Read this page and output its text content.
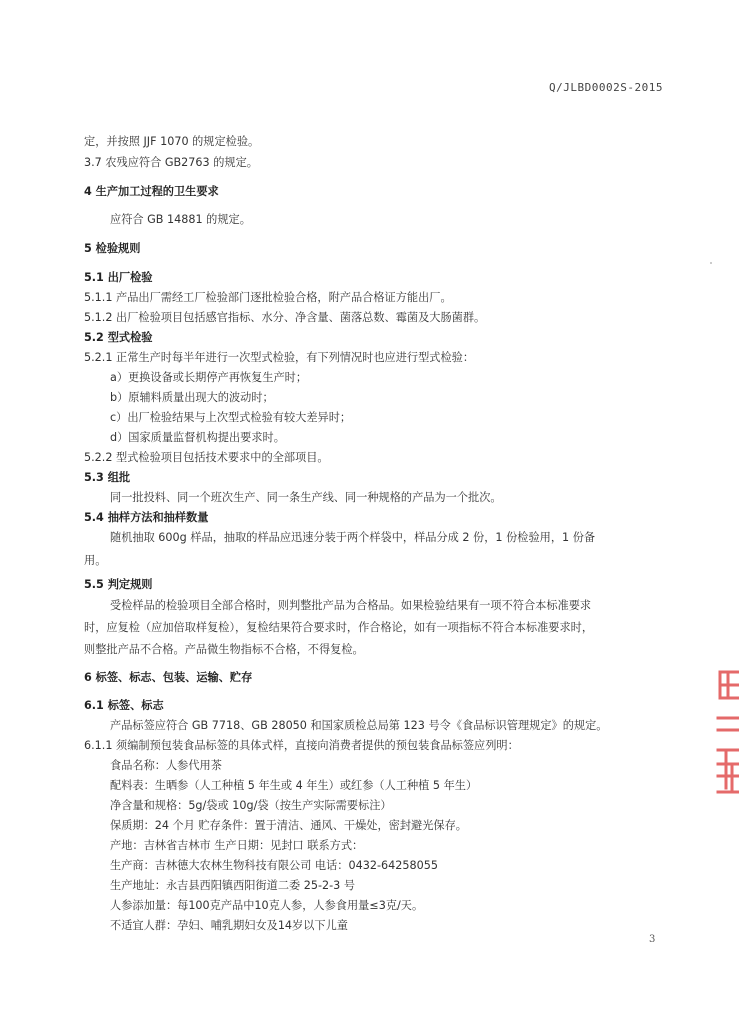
Q/JLBD0002S-2015
定，并按照 JJF 1070 的规定检验。
3.7 农残应符合 GB2763 的规定。
4 生产加工过程的卫生要求
应符合 GB 14881 的规定。
5 检验规则
5.1 出厂检验
5.1.1 产品出厂需经工厂检验部门逐批检验合格，附产品合格证方能出厂。
5.1.2 出厂检验项目包括感官指标、水分、净含量、菌落总数、霉菌及大肠菌群。
5.2 型式检验
5.2.1 正常生产时每半年进行一次型式检验，有下列情况时也应进行型式检验：
a）更换设备或长期停产再恢复生产时；
b）原辅料质量出现大的波动时；
c）出厂检验结果与上次型式检验有较大差异时；
d）国家质量监督机构提出要求时。
5.2.2 型式检验项目包括技术要求中的全部项目。
5.3 组批
同一批投料、同一个班次生产、同一条生产线、同一种规格的产品为一个批次。
5.4 抽样方法和抽样数量
随机抽取 600g 样品，抽取的样品应迅速分装于两个样袋中，样品分成 2 份，1 份检验用，1 份备
用。
5.5 判定规则
受检样品的检验项目全部合格时，则判整批产品为合格品。如果检验结果有一项不符合本标准要求
时，应复检（应加倍取样复检），复检结果符合要求时，作合格论，如有一项指标不符合本标准要求时，
则整批产品不合格。产品微生物指标不合格，不得复检。
6 标签、标志、包装、运输、贮存
6.1 标签、标志
产品标签应符合 GB 7718、GB 28050 和国家质检总局第 123 号令《食品标识管理规定》的规定。
6.1.1 须编制预包装食品标签的具体式样，直接向消费者提供的预包装食品标签应列明：
食品名称：人参代用茶
配料表：生晒参（人工种植 5 年生或 4 年生）或红参（人工种植 5 年生）
净含量和规格：5g/袋或 10g/袋（按生产实际需要标注）
保质期：24 个月 贮存条件：置于清洁、通风、干燥处，密封避光保存。
产地：吉林省吉林市 生产日期：见封口 联系方式：
生产商：吉林德大农林生物科技有限公司 电话：0432-64258055
生产地址：永吉县西阳镇西阳街道二委 25-2-3 号
人参添加量：每100克产品中10克人参，人参食用量≤3克/天。
不适宜人群：孕妇、哺乳期妇女及14岁以下儿童
3
